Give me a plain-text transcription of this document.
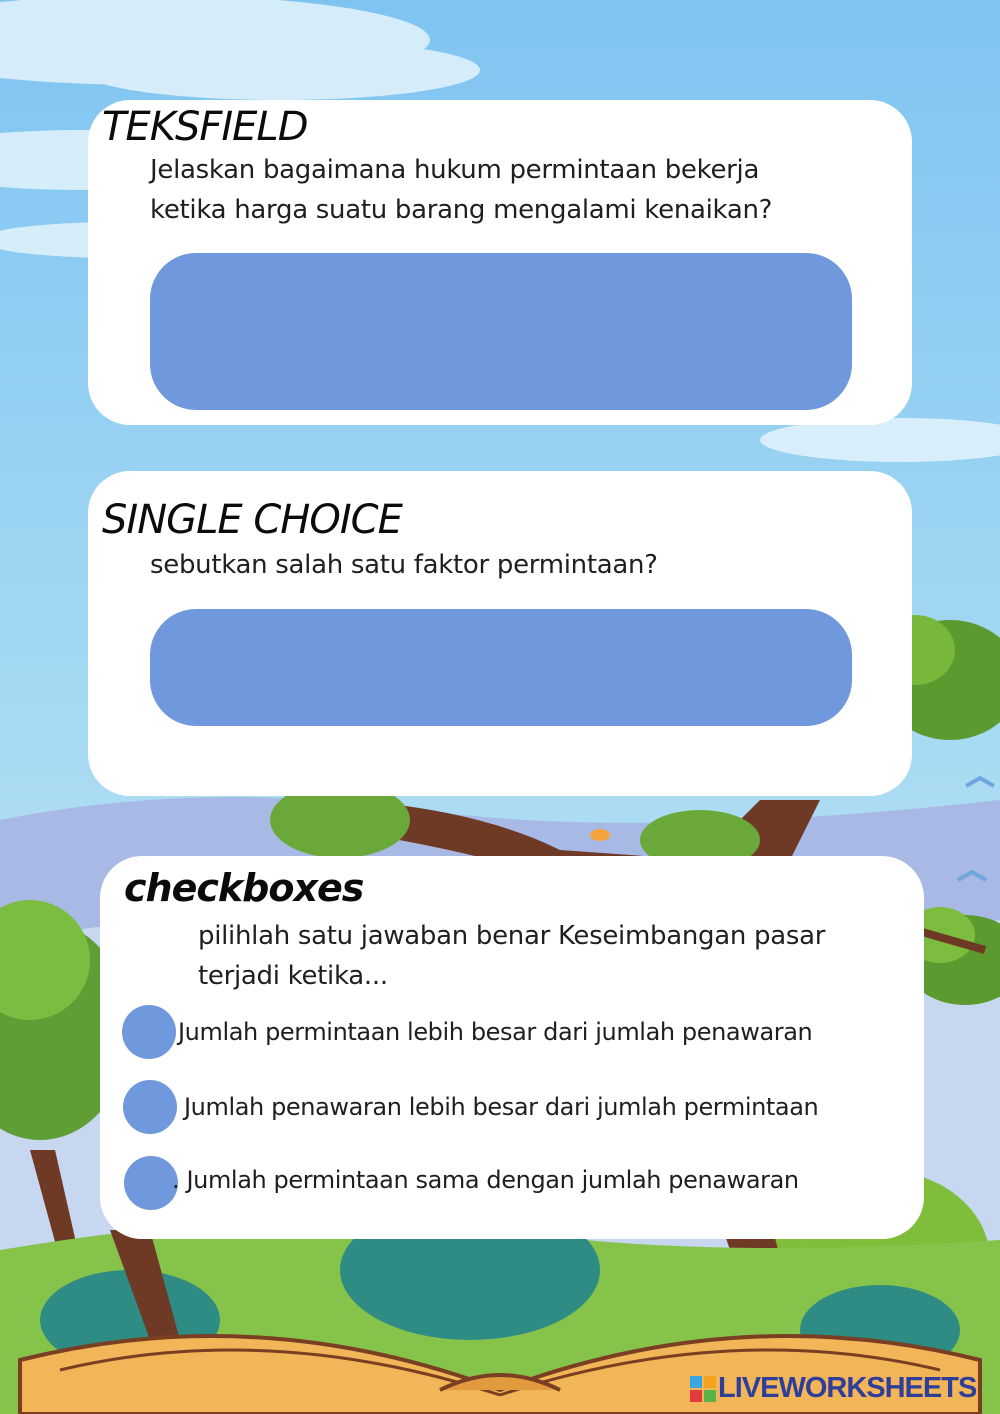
TEKSFIELD
Jelaskan bagaimana hukum permintaan bekerja
ketika harga suatu barang mengalami kenaikan?
SINGLE CHOICE
sebutkan salah satu faktor permintaan?
checkboxes
pilihlah satu jawaban benar Keseimbangan pasar
terjadi ketika...
Jumlah permintaan lebih besar dari jumlah penawaran
Jumlah penawaran lebih besar dari jumlah permintaan
. Jumlah permintaan sama dengan jumlah penawaran
LIVEWORKSHEETS
